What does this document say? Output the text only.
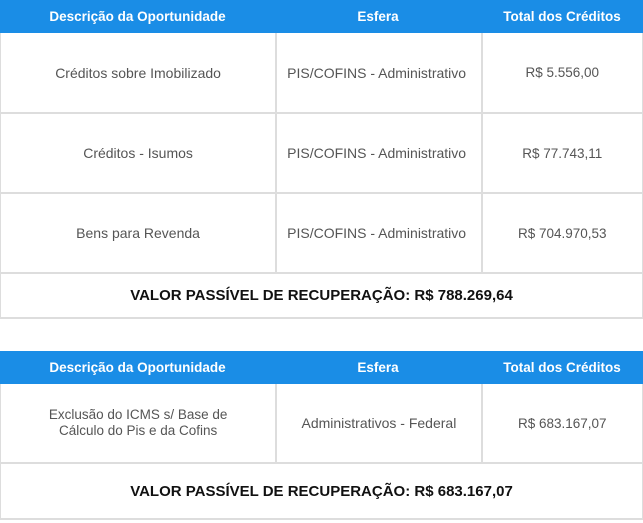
Descrição da Oportunidade	Esfera	Total dos Créditos
Créditos sobre Imobilizado	PIS/COFINS - Administrativo	R$ 5.556,00
Créditos - Isumos	PIS/COFINS - Administrativo	R$ 77.743,11
Bens para Revenda	PIS/COFINS - Administrativo	R$ 704.970,53
VALOR PASSÍVEL DE RECUPERAÇÃO: R$ 788.269,64
Descrição da Oportunidade	Esfera	Total dos Créditos
Exclusão do ICMS s/ Base de Cálculo do Pis e da Cofins	Administrativos - Federal	R$ 683.167,07
VALOR PASSÍVEL DE RECUPERAÇÃO: R$ 683.167,07
